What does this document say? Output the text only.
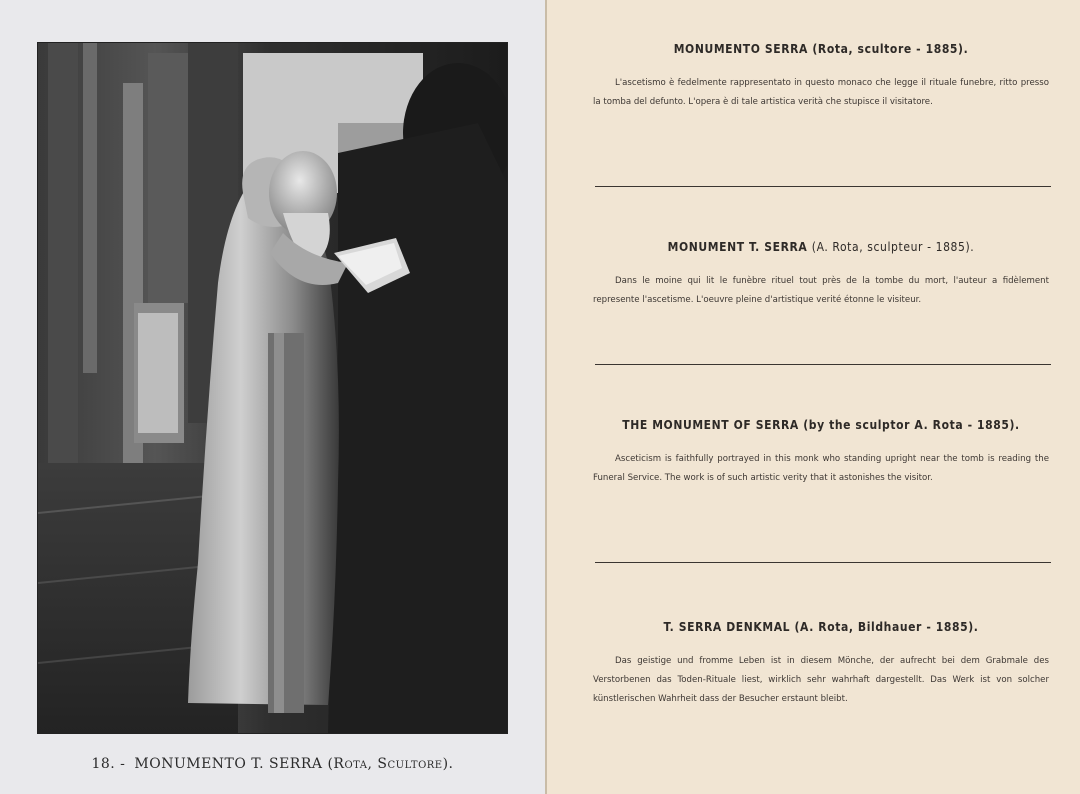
18. - MONUMENTO T. SERRA (Rota, Scultore).
MONUMENTO SERRA (Rota, scultore - 1885).

L'ascetismo è fedelmente rappresentato in questo monaco che legge il rituale funebre, ritto presso la tomba del defunto. L'opera è di tale artistica verità che stupisce il visitatore.

MONUMENT T. SERRA (A. Rota, sculpteur - 1885).

Dans le moine qui lit le funèbre rituel tout près de la tombe du mort, l'auteur a fidèlement represente l'ascetisme. L'oeuvre pleine d'artistique verité étonne le visiteur.

THE MONUMENT OF SERRA (by the sculptor A. Rota - 1885).

Asceticism is faithfully portrayed in this monk who standing upright near the tomb is reading the Funeral Service. The work is of such artistic verity that it astonishes the visitor.

T. SERRA DENKMAL (A. Rota, Bildhauer - 1885).

Das geistige und fromme Leben ist in diesem Mönche, der aufrecht bei dem Grabmale des Verstorbenen das Toden-Rituale liest, wirklich sehr wahrhaft dargestellt. Das Werk ist von solcher künstlerischen Wahrheit dass der Besucher erstaunt bleibt.
